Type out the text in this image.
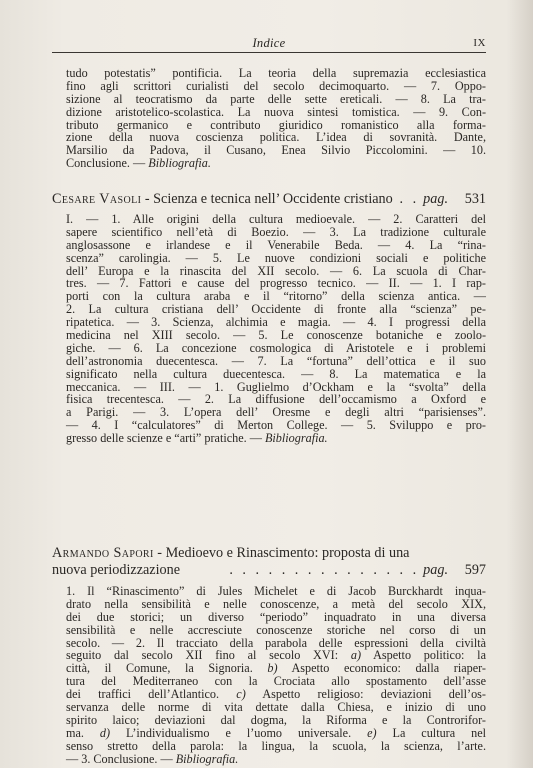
Indice	IX
tudo potestatis” pontificia. La teoria della supremazia ecclesiastica
fino agli scrittori curialisti del secolo decimoquarto. — 7. Oppo-
sizione al teocratismo da parte delle sette ereticali. — 8. La tra-
dizione aristotelico-scolastica. La nuova sintesi tomistica. — 9. Con-
tributo germanico e contributo giuridico romanistico alla forma-
zione della nuova coscienza politica. L’idea di sovranità. Dante,
Marsilio da Padova, il Cusano, Enea Silvio Piccolomini. — 10.
Conclusione. — Bibliografia.
Cesare Vasoli - Scienza e tecnica nell’ Occidente cristiano . . pag.	531
I. — 1. Alle origini della cultura medioevale. — 2. Caratteri del
sapere scientifico nell’età di Boezio. — 3. La tradizione culturale
anglosassone e irlandese e il Venerabile Beda. — 4. La “rina-
scenza” carolingia. — 5. Le nuove condizioni sociali e politiche
dell’ Europa e la rinascita del XII secolo. — 6. La scuola di Char-
tres. — 7. Fattori e cause del progresso tecnico. — II. — 1. I rap-
porti con la cultura araba e il “ritorno” della scienza antica. —
2. La cultura cristiana dell’ Occidente di fronte alla “scienza” pe-
ripatetica. — 3. Scienza, alchimia e magia. — 4. I progressi della
medicina nel XIII secolo. — 5. Le conoscenze botaniche e zoolo-
giche. — 6. La concezione cosmologica di Aristotele e i problemi
dell’astronomia duecentesca. — 7. La “fortuna” dell’ottica e il suo
significato nella cultura duecentesca. — 8. La matematica e la
meccanica. — III. — 1. Guglielmo d’Ockham e la “svolta” della
fisica trecentesca. — 2. La diffusione dell’occamismo a Oxford e
a Parigi. — 3. L’opera dell’ Oresme e degli altri “parisienses”.
— 4. I “calculatores” di Merton College. — 5. Sviluppo e pro-
gresso delle scienze e “arti” pratiche. — Bibliografia.
Armando Sapori - Medioevo e Rinascimento: proposta di una
nuova periodizzazione	. . . . . . . . . . . . . . . pag.	597
1. Il “Rinascimento” di Jules Michelet e di Jacob Burckhardt inqua-
drato nella sensibilità e nelle conoscenze, a metà del secolo XIX,
dei due storici; un diverso “periodo” inquadrato in una diversa
sensibilità e nelle accresciute conoscenze storiche nel corso di un
secolo. — 2. Il tracciato della parabola delle espressioni della civiltà
seguito dal secolo XII fino al secolo XVI: a) Aspetto politico: la
città, il Comune, la Signoria. b) Aspetto economico: dalla riaper-
tura del Mediterraneo con la Crociata allo spostamento dell’asse
dei traffici dell’Atlantico. c) Aspetto religioso: deviazioni dell’os-
servanza delle norme di vita dettate dalla Chiesa, e inizio di uno
spirito laico; deviazioni dal dogma, la Riforma e la Controrifor-
ma. d) L’individualismo e l’uomo universale. e) La cultura nel
senso stretto della parola: la lingua, la scuola, la scienza, l’arte.
— 3. Conclusione. — Bibliografia.
